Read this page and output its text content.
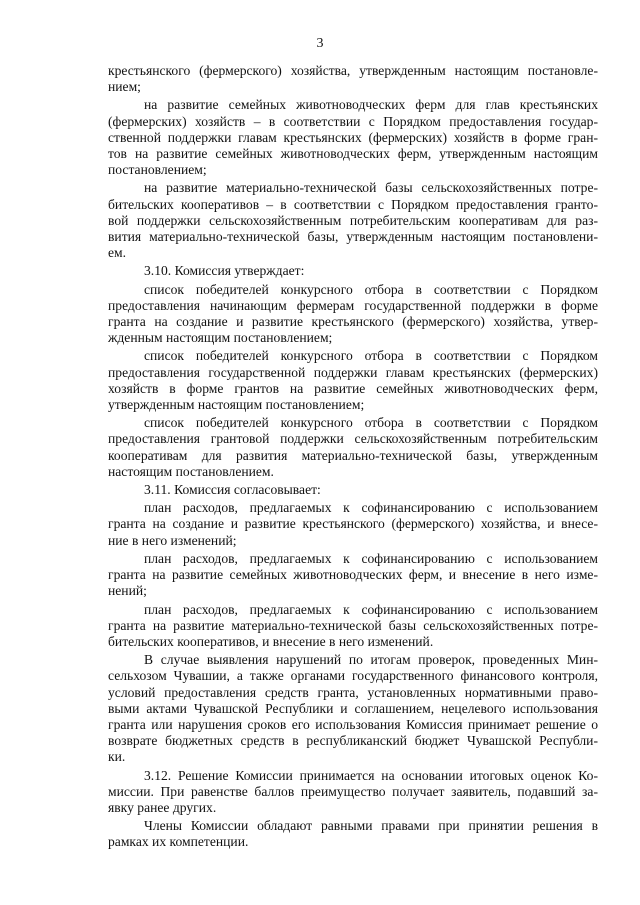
3
крестьянского (фермерского) хозяйства, утвержденным настоящим постановле-
нием;
на развитие семейных животноводческих ферм для глав крестьянских
(фермерских) хозяйств – в соответствии с Порядком предоставления государ-
ственной поддержки главам крестьянских (фермерских) хозяйств в форме гран-
тов на развитие семейных животноводческих ферм, утвержденным настоящим
постановлением;
на развитие материально-технической базы сельскохозяйственных потре-
бительских кооперативов – в соответствии с Порядком предоставления гранто-
вой поддержки сельскохозяйственным потребительским кооперативам для раз-
вития материально-технической базы, утвержденным настоящим постановлени-
ем.
3.10. Комиссия утверждает:
список победителей конкурсного отбора в соответствии с Порядком
предоставления начинающим фермерам государственной поддержки в форме
гранта на создание и развитие крестьянского (фермерского) хозяйства, утвер-
жденным настоящим постановлением;
список победителей конкурсного отбора в соответствии с Порядком
предоставления государственной поддержки главам крестьянских (фермерских)
хозяйств в форме грантов на развитие семейных животноводческих ферм,
утвержденным настоящим постановлением;
список победителей конкурсного отбора в соответствии с Порядком
предоставления грантовой поддержки сельскохозяйственным потребительским
кооперативам для развития материально-технической базы, утвержденным
настоящим постановлением.
3.11. Комиссия согласовывает:
план расходов, предлагаемых к софинансированию с использованием
гранта на создание и развитие крестьянского (фермерского) хозяйства, и внесе-
ние в него изменений;
план расходов, предлагаемых к софинансированию с использованием
гранта на развитие семейных животноводческих ферм, и внесение в него изме-
нений;
план расходов, предлагаемых к софинансированию с использованием
гранта на развитие материально-технической базы сельскохозяйственных потре-
бительских кооперативов, и внесение в него изменений.
В случае выявления нарушений по итогам проверок, проведенных Мин-
сельхозом Чувашии, а также органами государственного финансового контроля,
условий предоставления средств гранта, установленных нормативными право-
выми актами Чувашской Республики и соглашением, нецелевого использования
гранта или нарушения сроков его использования Комиссия принимает решение о
возврате бюджетных средств в республиканский бюджет Чувашской Республи-
ки.
3.12. Решение Комиссии принимается на основании итоговых оценок Ко-
миссии. При равенстве баллов преимущество получает заявитель, подавший за-
явку ранее других.
Члены Комиссии обладают равными правами при принятии решения в
рамках их компетенции.
